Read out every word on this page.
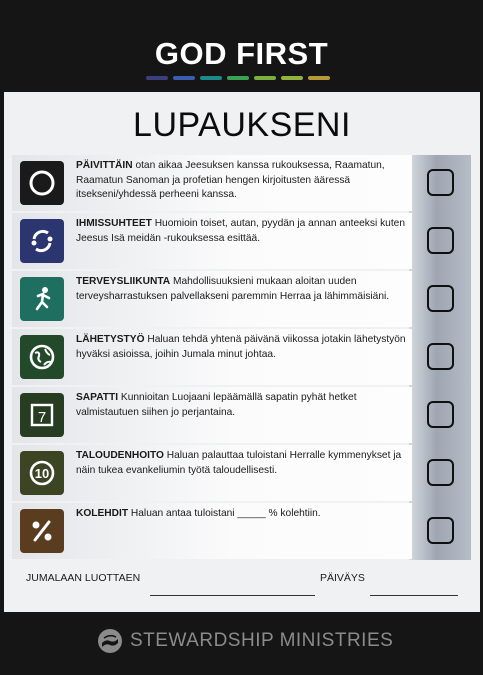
GOD FIRST
LUPAUKSENI
PÄIVITTÄIN otan aikaa Jeesuksen kanssa rukouksessa, Raamatun, Raamatun Sanoman ja profetian hengen kirjoitusten ääressä itsekseni/yhdessä perheeni kanssa.
IHMISSUHTEET Huomioin toiset, autan, pyydän ja annan anteeksi kuten Jeesus Isä meidän -rukouksessa esittää.
TERVEYSLIIKUNTA Mahdollisuuksieni mukaan aloitan uuden terveysharrastuksen palvellakseni paremmin Herraa ja lähimmäisiäni.
LÄHETYSTYÖ Haluan tehdä yhtenä päivänä viikossa jotakin lähetystyön hyväksi asioissa, joihin Jumala minut johtaa.
7
SAPATTI Kunnioitan Luojaani lepäämällä sapatin pyhät hetket valmistautuen siihen jo perjantaina.
10
TALOUDENHOITO Haluan palauttaa tuloistani Herralle kymmenykset ja näin tukea evankeliumin työtä taloudellisesti.
KOLEHDIT Haluan antaa tuloistani _____ % kolehtiin.
JUMALAAN LUOTTAEN	PÄIVÄYS
STEWARDSHIP MINISTRIES
